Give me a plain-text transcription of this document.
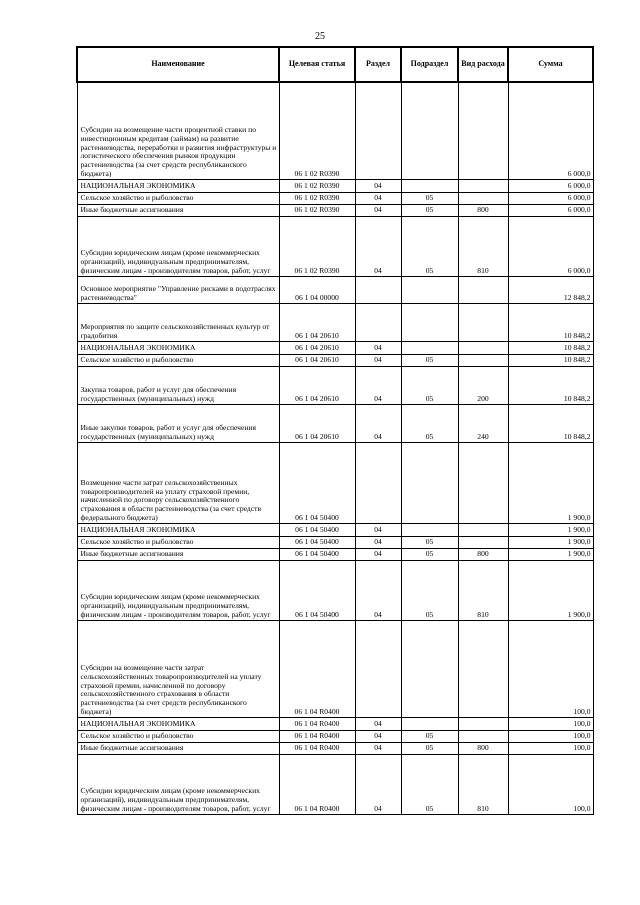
25
Наименование	Целевая статья	Раздел	Подраздел	Вид расхода	Сумма
Субсидии на возмещение части процентной ставки по инвестиционным кредитам (займам) на развитие растениеводства, переработки и развития инфраструктуры и логистического обеспечения рынков продукции растениеводства (за счет средств республиканского бюджета)	06 1 02 R0390				6 000,0
НАЦИОНАЛЬНАЯ ЭКОНОМИКА	06 1 02 R0390	04			6 000,0
Сельское хозяйство и рыболовство	06 1 02 R0390	04	05		6 000,0
Иные бюджетные ассигнования	06 1 02 R0390	04	05	800	6 000,0
Субсидии юридическим лицам (кроме некоммерческих организаций), индивидуальным предпринимателям, физическим лицам - производителям товаров, работ, услуг	06 1 02 R0390	04	05	810	6 000,0
Основное мероприятие "Управление рисками в подотраслях растениеводства"	06 1 04 00000				12 848,2
Мероприятия по защите сельскохозяйственных культур от градобития	06 1 04 20610				10 848,2
НАЦИОНАЛЬНАЯ ЭКОНОМИКА	06 1 04 20610	04			10 848,2
Сельское хозяйство и рыболовство	06 1 04 20610	04	05		10 848,2
Закупка товаров, работ и услуг для обеспечения государственных (муниципальных) нужд	06 1 04 20610	04	05	200	10 848,2
Иные закупки товаров, работ и услуг для обеспечения государственных (муниципальных) нужд	06 1 04 20610	04	05	240	10 848,2
Возмещение части затрат сельскохозяйственных товаропроизводителей на уплату страховой премии, начисленной по договору сельскохозяйственного страхования в области растениеводства (за счет средств федерального бюджета)	06 1 04 50400				1 900,0
НАЦИОНАЛЬНАЯ ЭКОНОМИКА	06 1 04 50400	04			1 900,0
Сельское хозяйство и рыболовство	06 1 04 50400	04	05		1 900,0
Иные бюджетные ассигнования	06 1 04 50400	04	05	800	1 900,0
Субсидии юридическим лицам (кроме некоммерческих организаций), индивидуальным предпринимателям, физическим лицам - производителям товаров, работ, услуг	06 1 04 50400	04	05	810	1 900,0
Субсидии на возмещение части затрат сельскохозяйственных товаропроизводителей на уплату страховой премии, начисленной по договору сельскохозяйственного страхования в области растениеводства (за счет средств республиканского бюджета)	06 1 04 R0400				100,0
НАЦИОНАЛЬНАЯ ЭКОНОМИКА	06 1 04 R0400	04			100,0
Сельское хозяйство и рыболовство	06 1 04 R0400	04	05		100,0
Иные бюджетные ассигнования	06 1 04 R0400	04	05	800	100,0
Субсидии юридическим лицам (кроме некоммерческих организаций), индивидуальным предпринимателям, физическим лицам - производителям товаров, работ, услуг	06 1 04 R0400	04	05	810	100,0
